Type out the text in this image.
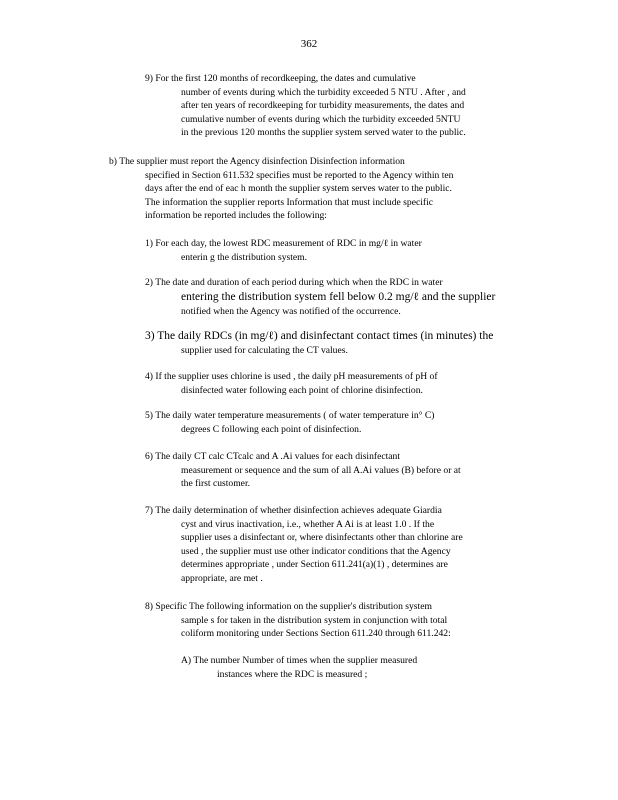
362
9) For the first 120 months of recordkeeping, the dates and cumulative
number of events during which the turbidity exceeded 5 NTU . After , and
after ten years of recordkeeping for turbidity measurements, the dates and
cumulative number of events during which the turbidity exceeded 5NTU
in the previous 120 months the supplier system served water to the public.
b) The supplier must report the Agency disinfection Disinfection information
specified in Section 611.532 specifies must be reported to the Agency within ten
days after the end of eac h month the supplier system serves water to the public.
The information the supplier reports Information that must include specific
information be reported includes the following:
1) For each day, the lowest RDC measurement of RDC in mg/ℓ in water
enterin g the distribution system.
2) The date and duration of each period during which when the RDC in water
entering the distribution system fell below 0.2 mg/ℓ and the supplier
notified when the Agency was notified of the occurrence.
3) The daily RDCs (in mg/ℓ) and disinfectant contact times (in minutes) the
supplier used for calculating the CT values.
4) If the supplier uses chlorine is used , the daily pH measurements of pH of
disinfected water following each point of chlorine disinfection.
5) The daily water temperature measurements ( of water temperature in° C)
degrees C following each point of disinfection.
6) The daily CT calc CTcalc and A .Ai values for each disinfectant
measurement or sequence and the sum of all A.Ai values (B) before or at
the first customer.
7) The daily determination of whether disinfection achieves adequate Giardia
cyst and virus inactivation, i.e., whether A Ai is at least 1.0 . If the
supplier uses a disinfectant or, where disinfectants other than chlorine are
used , the supplier must use other indicator conditions that the Agency
determines appropriate , under Section 611.241(a)(1) , determines are
appropriate, are met .
8) Specific The following information on the supplier's distribution system
sample s for taken in the distribution system in conjunction with total
coliform monitoring under Sections Section 611.240 through 611.242:
A) The number Number of times when the supplier measured
instances where the RDC is measured ;
